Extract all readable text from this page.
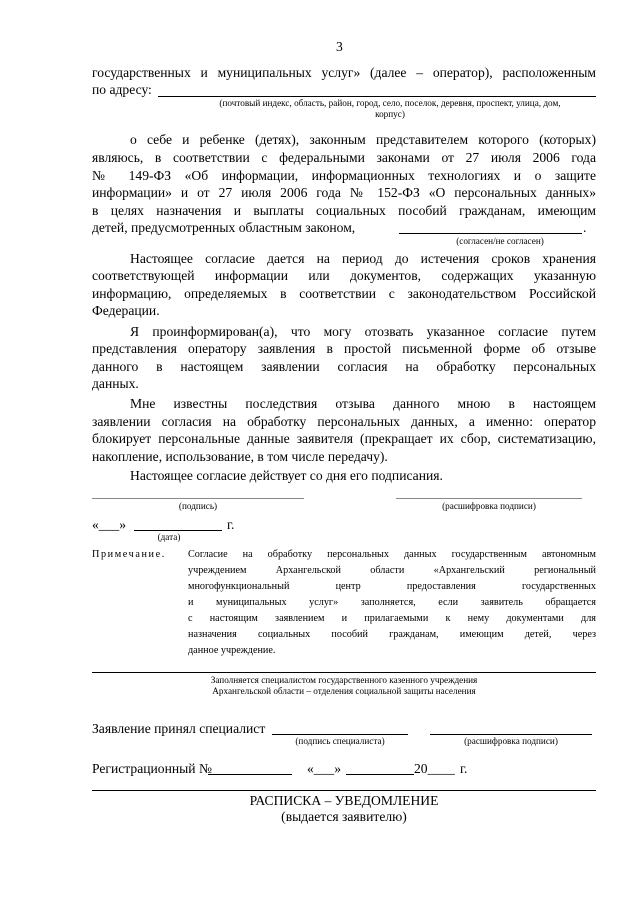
3
государственных и муниципальных услуг» (далее – оператор), расположенным
по адресу:
(почтовый индекс, область, район, город, село, поселок, деревня, проспект, улица, дом,
корпус)
о себе и ребенке (детях), законным представителем которого (которых)
являюсь, в соответствии с федеральными законами от 27 июля 2006 года
№ 149-ФЗ «Об информации, информационных технологиях и о защите
информации» и от 27 июля 2006 года № 152-ФЗ «О персональных данных»
в целях назначения и выплаты социальных пособий гражданам, имеющим
детей, предусмотренных областным законом,	.
(согласен/не согласен)
Настоящее согласие дается на период до истечения сроков хранения
соответствующей информации или документов, содержащих указанную
информацию, определяемых в соответствии с законодательством Российской
Федерации.
Я проинформирован(а), что могу отозвать указанное согласие путем
представления оператору заявления в простой письменной форме об отзыве
данного в настоящем заявлении согласия на обработку персональных
данных.
Мне известны последствия отзыва данного мною в настоящем
заявлении согласия на обработку персональных данных, а именно: оператор
блокирует персональные данные заявителя (прекращает их сбор, систематизацию,
накопление, использование, в том числе передачу).
Настоящее согласие действует со дня его подписания.
(подпись)	(расшифровка подписи)
«___»	г.
(дата)
Примечание. Согласие на обработку персональных данных государственным автономным
учреждением Архангельской области «Архангельский региональный
многофункциональный центр предоставления государственных
и муниципальных услуг» заполняется, если заявитель обращается
с настоящим заявлением и прилагаемыми к нему документами для
назначения социальных пособий гражданам, имеющим детей, через
данное учреждение.
Заполняется специалистом государственного казенного учреждения
Архангельской области – отделения социальной защиты населения
Заявление принял специалист
(подпись специалиста)	(расшифровка подписи)
Регистрационный №	«___»	20____ г.
РАСПИСКА – УВЕДОМЛЕНИЕ
(выдается заявителю)
